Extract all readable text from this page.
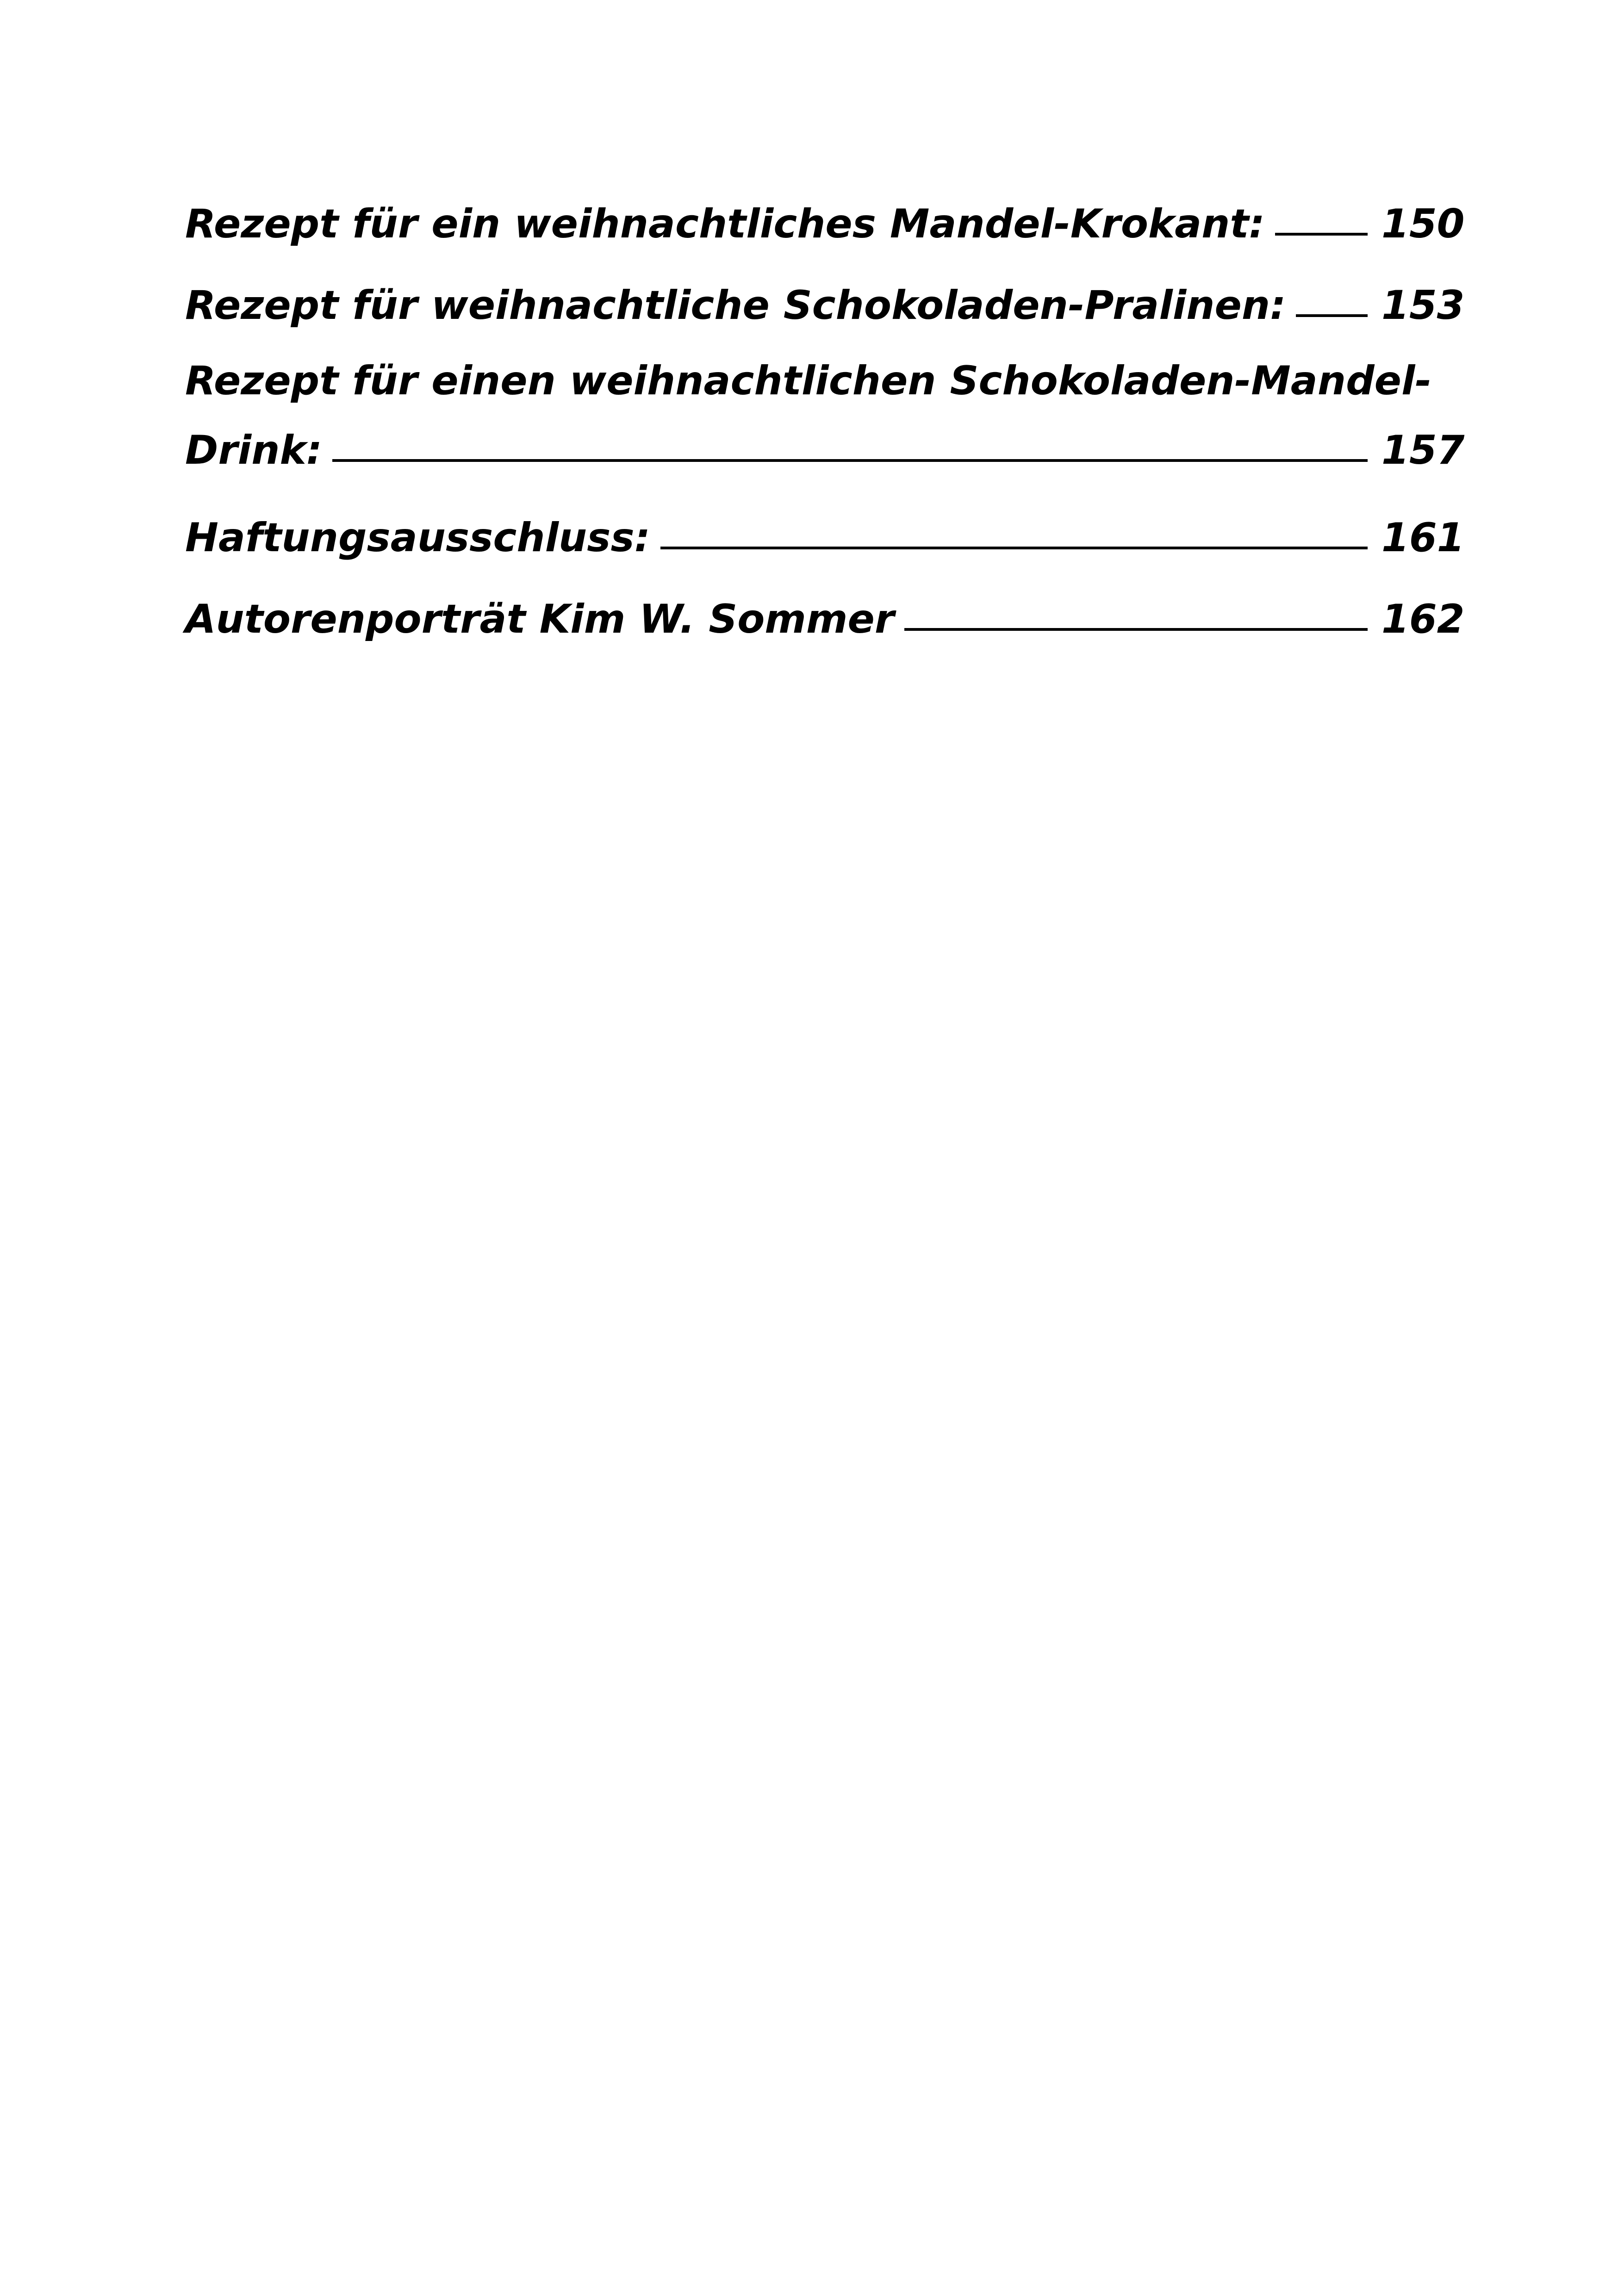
Rezept für ein weihnachtliches Mandel-Krokant:	150
Rezept für weihnachtliche Schokoladen-Pralinen: 153
Rezept für einen weihnachtlichen Schokoladen-Mandel-
Drink:	157
Haftungsausschluss:	161
Autorenporträt Kim W. Sommer	162
